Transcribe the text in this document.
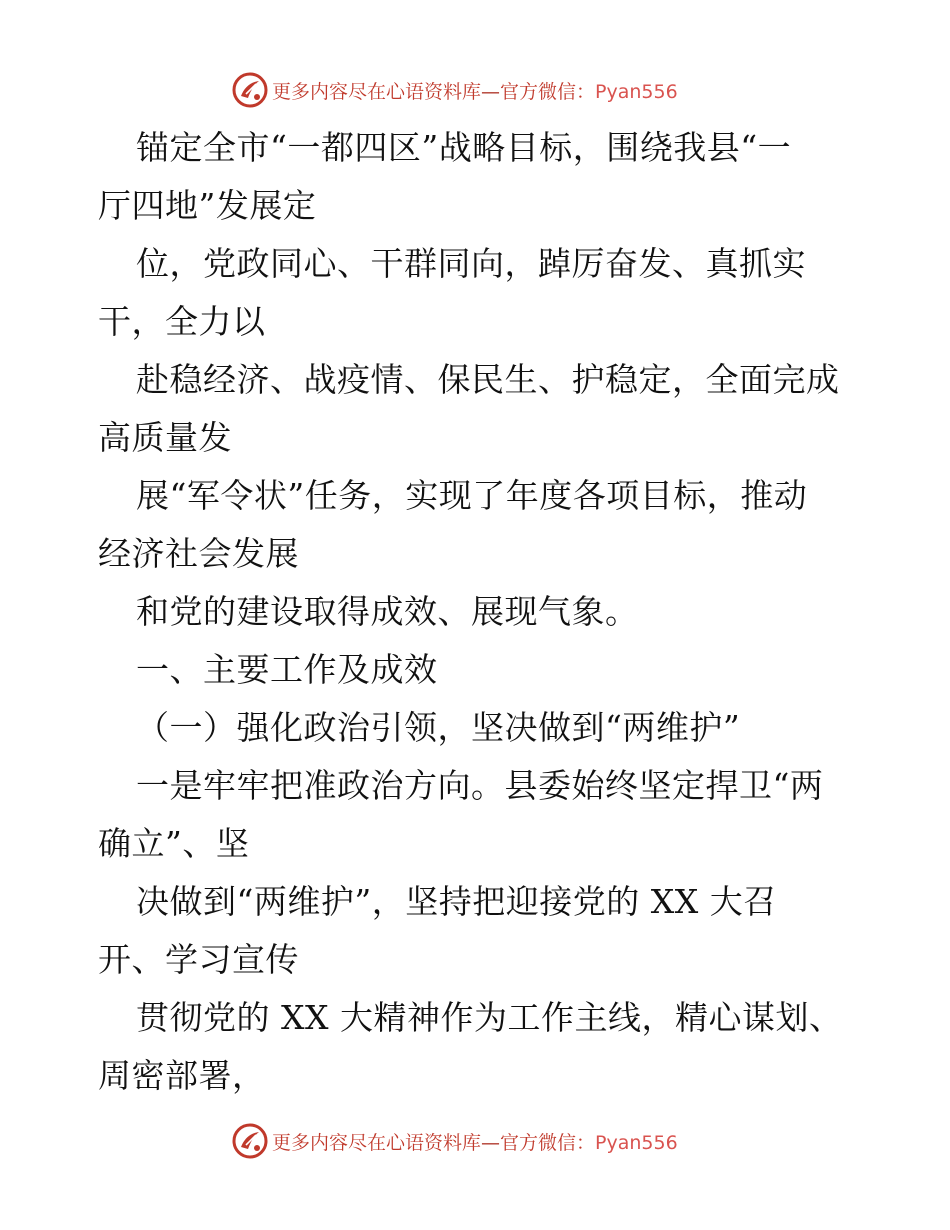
更多内容尽在心语资料库—官方微信：Pyan556
锚定全市“一都四区”战略目标，围绕我县“一
厅四地”发展定
位，党政同心、干群同向，踔厉奋发、真抓实
干，全力以
赴稳经济、战疫情、保民生、护稳定，全面完成
高质量发
展“军令状”任务，实现了年度各项目标，推动
经济社会发展
和党的建设取得成效、展现气象。
一、主要工作及成效
（一）强化政治引领，坚决做到“两维护”
一是牢牢把准政治方向。县委始终坚定捍卫“两
确立”、坚
决做到“两维护”，坚持把迎接党的 XX 大召
开、学习宣传
贯彻党的 XX 大精神作为工作主线，精心谋划、
周密部署，
更多内容尽在心语资料库—官方微信：Pyan556
